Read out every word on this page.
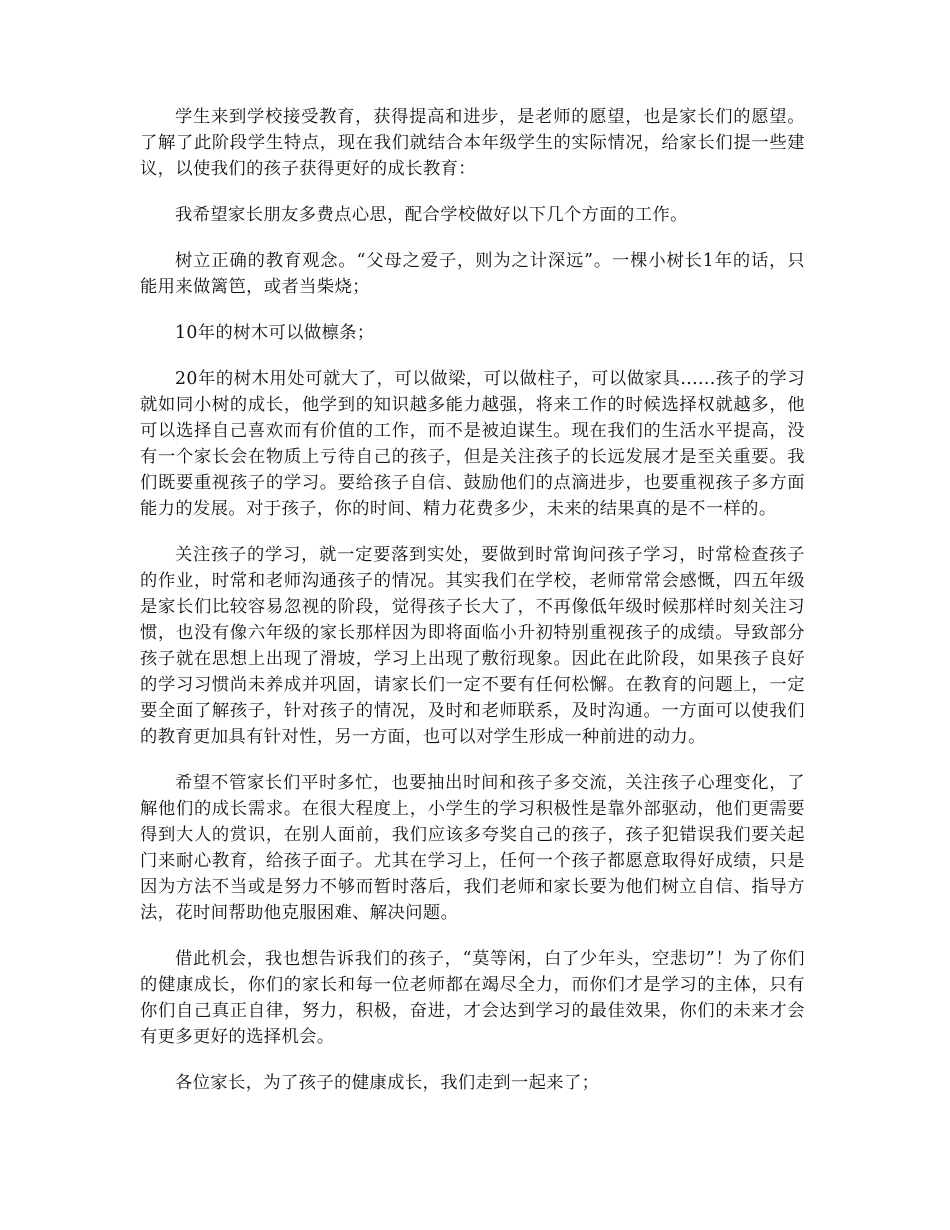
学生来到学校接受教育，获得提高和进步，是老师的愿望，也是家长们的愿望。了解了此阶段学生特点，现在我们就结合本年级学生的实际情况，给家长们提一些建议，以使我们的孩子获得更好的成长教育：

我希望家长朋友多费点心思，配合学校做好以下几个方面的工作。

树立正确的教育观念。“父母之爱子，则为之计深远”。一棵小树长1年的话，只能用来做篱笆，或者当柴烧；

10年的树木可以做檩条；

20年的树木用处可就大了，可以做梁，可以做柱子，可以做家具......孩子的学习就如同小树的成长，他学到的知识越多能力越强，将来工作的时候选择权就越多，他可以选择自己喜欢而有价值的工作，而不是被迫谋生。现在我们的生活水平提高，没有一个家长会在物质上亏待自己的孩子，但是关注孩子的长远发展才是至关重要。我们既要重视孩子的学习。要给孩子自信、鼓励他们的点滴进步，也要重视孩子多方面能力的发展。对于孩子，你的时间、精力花费多少，未来的结果真的是不一样的。

关注孩子的学习，就一定要落到实处，要做到时常询问孩子学习，时常检查孩子的作业，时常和老师沟通孩子的情况。其实我们在学校，老师常常会感慨，四五年级是家长们比较容易忽视的阶段，觉得孩子长大了，不再像低年级时候那样时刻关注习惯，也没有像六年级的家长那样因为即将面临小升初特别重视孩子的成绩。导致部分孩子就在思想上出现了滑坡，学习上出现了敷衍现象。因此在此阶段，如果孩子良好的学习习惯尚未养成并巩固，请家长们一定不要有任何松懈。在教育的问题上，一定要全面了解孩子，针对孩子的情况，及时和老师联系，及时沟通。一方面可以使我们的教育更加具有针对性，另一方面，也可以对学生形成一种前进的动力。

希望不管家长们平时多忙，也要抽出时间和孩子多交流，关注孩子心理变化，了解他们的成长需求。在很大程度上，小学生的学习积极性是靠外部驱动，他们更需要得到大人的赏识，在别人面前，我们应该多夸奖自己的孩子，孩子犯错误我们要关起门来耐心教育，给孩子面子。尤其在学习上，任何一个孩子都愿意取得好成绩，只是因为方法不当或是努力不够而暂时落后，我们老师和家长要为他们树立自信、指导方法，花时间帮助他克服困难、解决问题。

借此机会，我也想告诉我们的孩子，“莫等闲，白了少年头，空悲切”！为了你们的健康成长，你们的家长和每一位老师都在竭尽全力，而你们才是学习的主体，只有你们自己真正自律，努力，积极，奋进，才会达到学习的最佳效果，你们的未来才会有更多更好的选择机会。

各位家长，为了孩子的健康成长，我们走到一起来了；
